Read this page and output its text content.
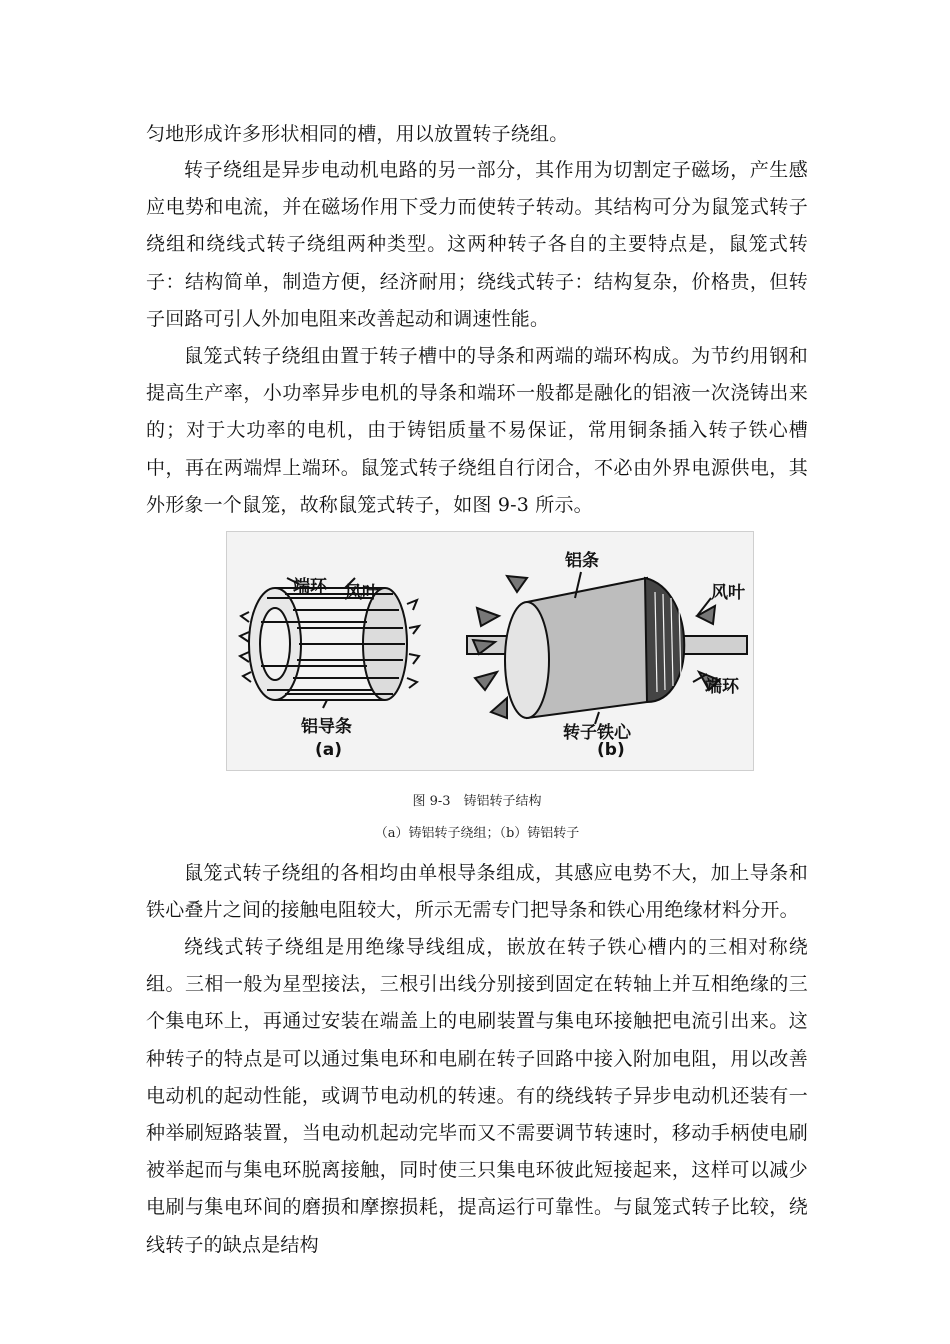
匀地形成许多形状相同的槽，用以放置转子绕组。

转子绕组是异步电动机电路的另一部分，其作用为切割定子磁场，产生感应电势和电流，并在磁场作用下受力而使转子转动。其结构可分为鼠笼式转子绕组和绕线式转子绕组两种类型。这两种转子各自的主要特点是，鼠笼式转子：结构简单，制造方便，经济耐用；绕线式转子：结构复杂，价格贵，但转子回路可引人外加电阻来改善起动和调速性能。

鼠笼式转子绕组由置于转子槽中的导条和两端的端环构成。为节约用钢和提高生产率，小功率异步电机的导条和端环一般都是融化的铝液一次浇铸出来的；对于大功率的电机，由于铸铝质量不易保证，常用铜条插入转子铁心槽中，再在两端焊上端环。鼠笼式转子绕组自行闭合，不必由外界电源供电，其外形象一个鼠笼，故称鼠笼式转子，如图 9-3 所示。

端环 风叶
铝导条
(a)
铝条
风叶
端环
转子铁心
(b)

图 9-3　铸铝转子结构

（a）铸铝转子绕组；（b）铸铝转子

鼠笼式转子绕组的各相均由单根导条组成，其感应电势不大，加上导条和铁心叠片之间的接触电阻较大，所示无需专门把导条和铁心用绝缘材料分开。

绕线式转子绕组是用绝缘导线组成，嵌放在转子铁心槽内的三相对称绕组。三相一般为星型接法，三根引出线分别接到固定在转轴上并互相绝缘的三个集电环上，再通过安装在端盖上的电刷装置与集电环接触把电流引出来。这种转子的特点是可以通过集电环和电刷在转子回路中接入附加电阻，用以改善电动机的起动性能，或调节电动机的转速。有的绕线转子异步电动机还装有一种举刷短路装置，当电动机起动完毕而又不需要调节转速时，移动手柄使电刷被举起而与集电环脱离接触，同时使三只集电环彼此短接起来，这样可以减少电刷与集电环间的磨损和摩擦损耗，提高运行可靠性。与鼠笼式转子比较，绕线转子的缺点是结构
